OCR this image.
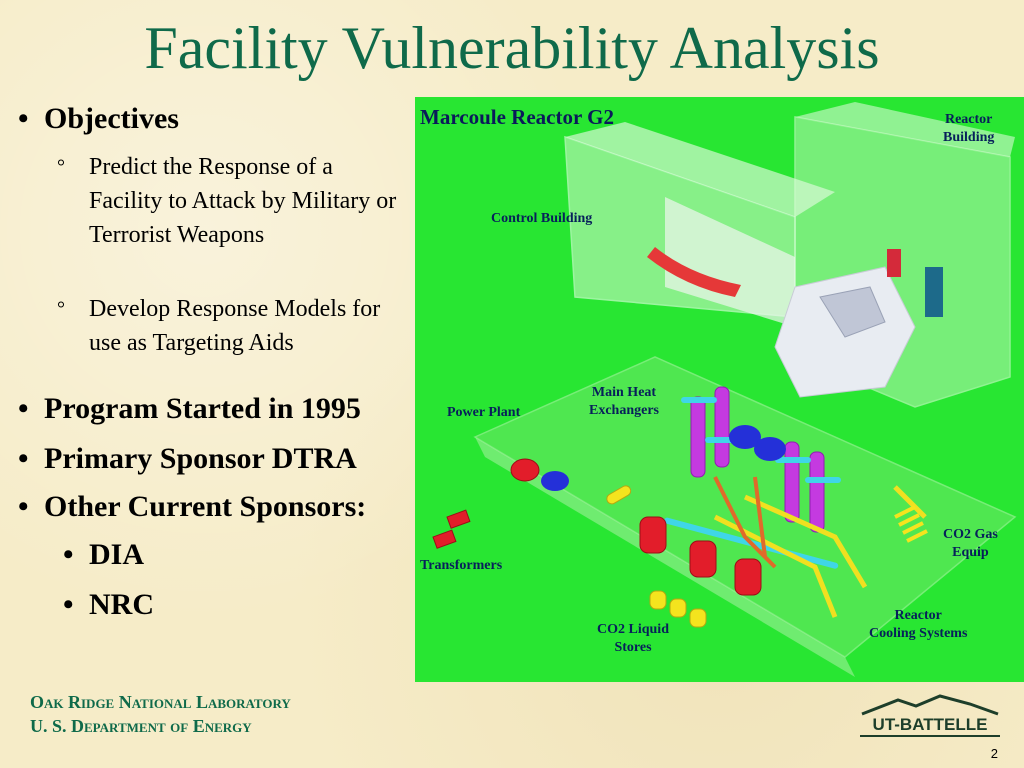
Facility Vulnerability Analysis
• Objectives
° Predict the Response of a Facility to Attack by Military or Terrorist Weapons
° Develop Response Models for use as Targeting Aids
• Program Started in 1995
• Primary Sponsor DTRA
• Other Current Sponsors:
• DIA
• NRC
Marcoule Reactor G2	Reactor
Building
Control Building
Main Heat
Exchangers
Power Plant
CO2 Gas
Equip
Transformers
Reactor
Cooling Systems
CO2 Liquid
Stores
Oak Ridge National Laboratory
U. S. Department of Energy	UT-BATTELLE
2
